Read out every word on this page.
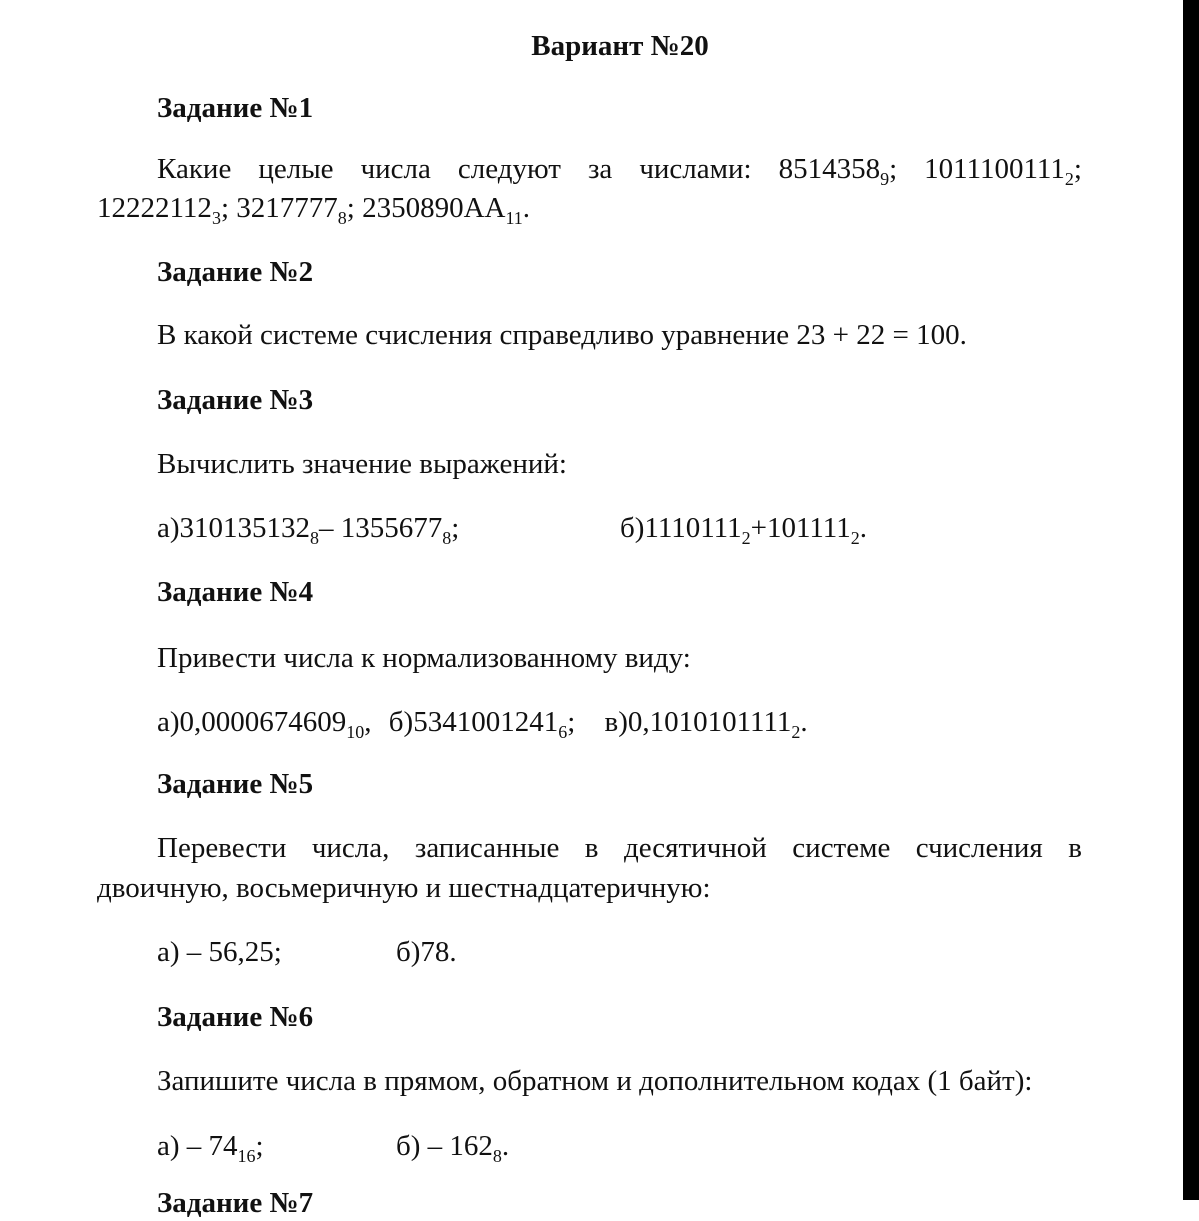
Вариант №20
Задание №1
Какие целые числа следуют за числами: $8514358_9$; $1011100111_2$;
$12222112_3$; $3217777_8$; $2350890AA_{11}$.
Задание №2
В какой системе счисления справедливо уравнение 23 + 22 = 100.
Задание №3
Вычислить значение выражений:
$а)310135132_8-$ $1355677_8$;	$б)1110111_2+101111_2$.
Задание №4
Привести числа к нормализованному виду:
$а)0,0000674609_{10}$, $б)5341001241_6$; $в)0,1010101111_2$.
Задание №5
Перевести числа, записанные в десятичной системе счисления в
двоичную, восьмеричную и шестнадцатеричную:
а) – 56,25;	б)78.
Задание №6
Запишите числа в прямом, обратном и дополнительном кодах (1 байт):
$а) - 74_{16}$;	$б) - 162_8$.
Задание №7
